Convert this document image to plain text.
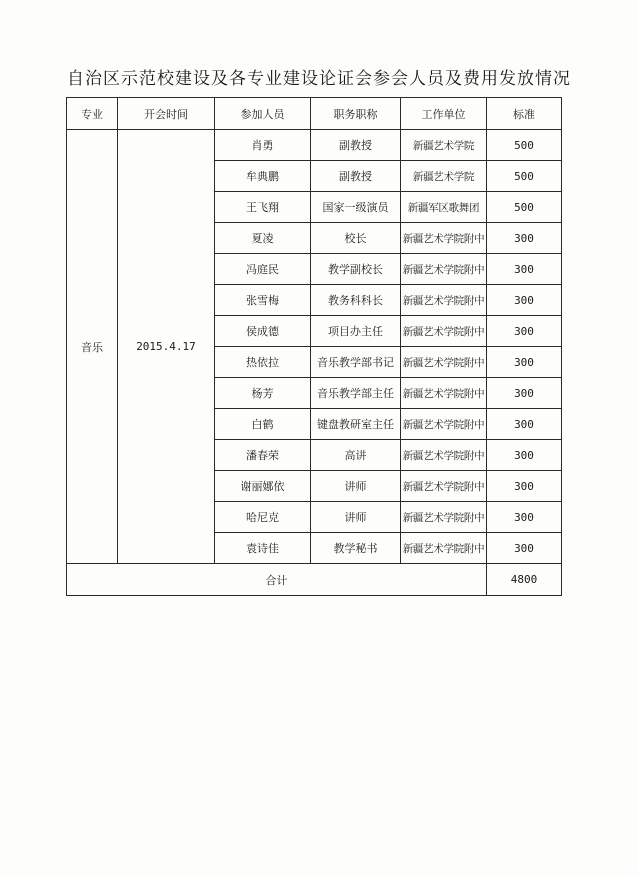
自治区示范校建设及各专业建设论证会参会人员及费用发放情况
专业	开会时间	参加人员	职务职称	工作单位	标准
音乐	2015.4.17	肖勇	副教授	新疆艺术学院	500
		牟典鹏	副教授	新疆艺术学院	500
		王飞翔	国家一级演员	新疆军区歌舞团	500
		夏凌	校长	新疆艺术学院附中	300
		冯庭民	教学副校长	新疆艺术学院附中	300
		张雪梅	教务科科长	新疆艺术学院附中	300
		侯成德	项目办主任	新疆艺术学院附中	300
		热依拉	音乐教学部书记	新疆艺术学院附中	300
		杨芳	音乐教学部主任	新疆艺术学院附中	300
		白鹤	键盘教研室主任	新疆艺术学院附中	300
		潘春荣	高讲	新疆艺术学院附中	300
		谢丽娜依	讲师	新疆艺术学院附中	300
		哈尼克	讲师	新疆艺术学院附中	300
		袁诗佳	教学秘书	新疆艺术学院附中	300
合计					4800
